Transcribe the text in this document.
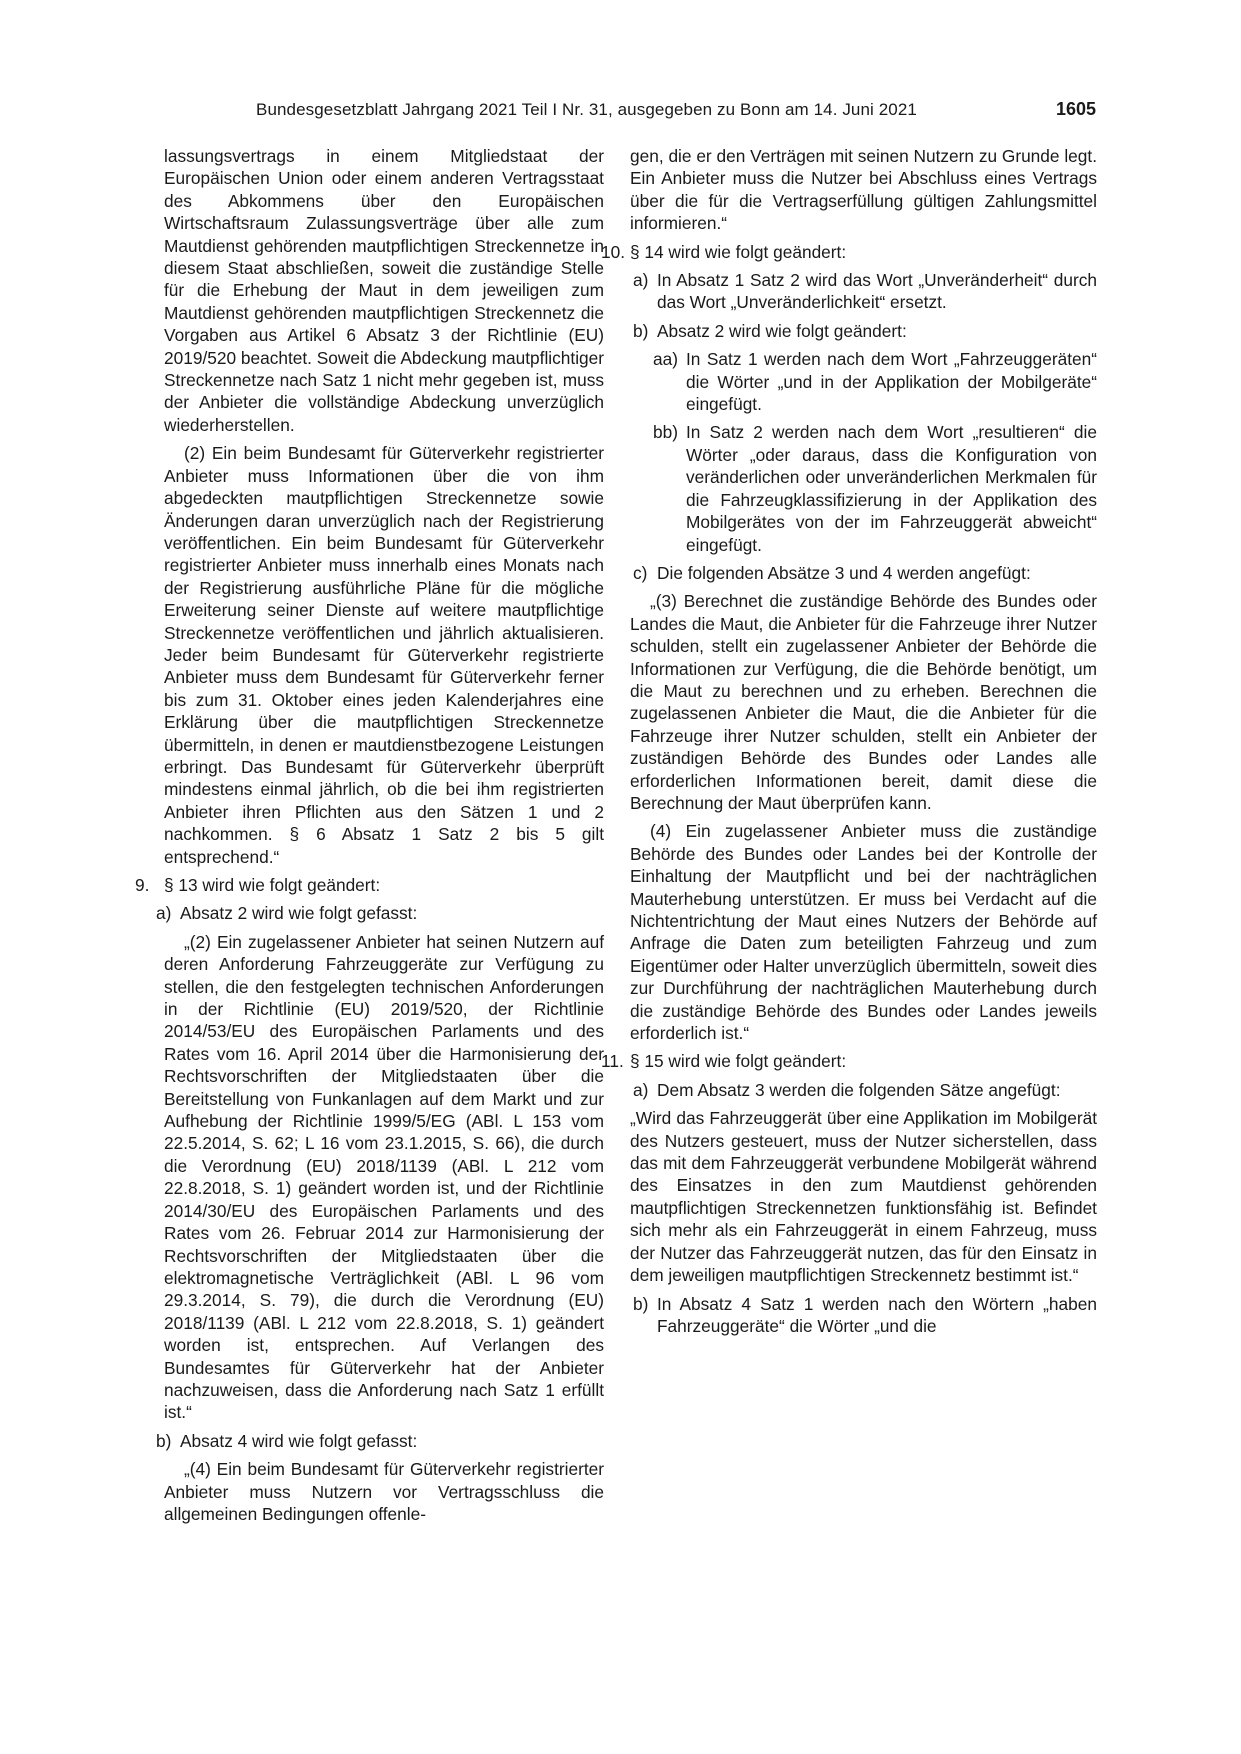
Bundesgesetzblatt Jahrgang 2021 Teil I Nr. 31, ausgegeben zu Bonn am 14. Juni 2021	1605

lassungsvertrags in einem Mitgliedstaat der Europäischen Union oder einem anderen Vertragsstaat des Abkommens über den Europäischen Wirtschaftsraum Zulassungsverträge über alle zum Mautdienst gehörenden mautpflichtigen Streckennetze in diesem Staat abschließen, soweit die zuständige Stelle für die Erhebung der Maut in dem jeweiligen zum Mautdienst gehörenden mautpflichtigen Streckennetz die Vorgaben aus Artikel 6 Absatz 3 der Richtlinie (EU) 2019/520 beachtet. Soweit die Abdeckung mautpflichtiger Streckennetze nach Satz 1 nicht mehr gegeben ist, muss der Anbieter die vollständige Abdeckung unverzüglich wiederherstellen.

(2) Ein beim Bundesamt für Güterverkehr registrierter Anbieter muss Informationen über die von ihm abgedeckten mautpflichtigen Streckennetze sowie Änderungen daran unverzüglich nach der Registrierung veröffentlichen. Ein beim Bundesamt für Güterverkehr registrierter Anbieter muss innerhalb eines Monats nach der Registrierung ausführliche Pläne für die mögliche Erweiterung seiner Dienste auf weitere mautpflichtige Streckennetze veröffentlichen und jährlich aktualisieren. Jeder beim Bundesamt für Güterverkehr registrierte Anbieter muss dem Bundesamt für Güterverkehr ferner bis zum 31. Oktober eines jeden Kalenderjahres eine Erklärung über die mautpflichtigen Streckennetze übermitteln, in denen er mautdienstbezogene Leistungen erbringt. Das Bundesamt für Güterverkehr überprüft mindestens einmal jährlich, ob die bei ihm registrierten Anbieter ihren Pflichten aus den Sätzen 1 und 2 nachkommen. § 6 Absatz 1 Satz 2 bis 5 gilt entsprechend.“

9. § 13 wird wie folgt geändert:
a) Absatz 2 wird wie folgt gefasst:

„(2) Ein zugelassener Anbieter hat seinen Nutzern auf deren Anforderung Fahrzeuggeräte zur Verfügung zu stellen, die den festgelegten technischen Anforderungen in der Richtlinie (EU) 2019/520, der Richtlinie 2014/53/EU des Europäischen Parlaments und des Rates vom 16. April 2014 über die Harmonisierung der Rechtsvorschriften der Mitgliedstaaten über die Bereitstellung von Funkanlagen auf dem Markt und zur Aufhebung der Richtlinie 1999/5/EG (ABl. L 153 vom 22.5.2014, S. 62; L 16 vom 23.1.2015, S. 66), die durch die Verordnung (EU) 2018/1139 (ABl. L 212 vom 22.8.2018, S. 1) geändert worden ist, und der Richtlinie 2014/30/EU des Europäischen Parlaments und des Rates vom 26. Februar 2014 zur Harmonisierung der Rechtsvorschriften der Mitgliedstaaten über die elektromagnetische Verträglichkeit (ABl. L 96 vom 29.3.2014, S. 79), die durch die Verordnung (EU) 2018/1139 (ABl. L 212 vom 22.8.2018, S. 1) geändert worden ist, entsprechen. Auf Verlangen des Bundesamtes für Güterverkehr hat der Anbieter nachzuweisen, dass die Anforderung nach Satz 1 erfüllt ist.“

b) Absatz 4 wird wie folgt gefasst:

„(4) Ein beim Bundesamt für Güterverkehr registrierter Anbieter muss Nutzern vor Vertragsschluss die allgemeinen Bedingungen offenle-

gen, die er den Verträgen mit seinen Nutzern zu Grunde legt. Ein Anbieter muss die Nutzer bei Abschluss eines Vertrags über die für die Vertragserfüllung gültigen Zahlungsmittel informieren.“

10. § 14 wird wie folgt geändert:
a) In Absatz 1 Satz 2 wird das Wort „Unveränderheit“ durch das Wort „Unveränderlichkeit“ ersetzt.
b) Absatz 2 wird wie folgt geändert:
aa) In Satz 1 werden nach dem Wort „Fahrzeuggeräten“ die Wörter „und in der Applikation der Mobilgeräte“ eingefügt.
bb) In Satz 2 werden nach dem Wort „resultieren“ die Wörter „oder daraus, dass die Konfiguration von veränderlichen oder unveränderlichen Merkmalen für die Fahrzeugklassifizierung in der Applikation des Mobilgerätes von der im Fahrzeuggerät abweicht“ eingefügt.
c) Die folgenden Absätze 3 und 4 werden angefügt:

„(3) Berechnet die zuständige Behörde des Bundes oder Landes die Maut, die Anbieter für die Fahrzeuge ihrer Nutzer schulden, stellt ein zugelassener Anbieter der Behörde die Informationen zur Verfügung, die die Behörde benötigt, um die Maut zu berechnen und zu erheben. Berechnen die zugelassenen Anbieter die Maut, die die Anbieter für die Fahrzeuge ihrer Nutzer schulden, stellt ein Anbieter der zuständigen Behörde des Bundes oder Landes alle erforderlichen Informationen bereit, damit diese die Berechnung der Maut überprüfen kann.

(4) Ein zugelassener Anbieter muss die zuständige Behörde des Bundes oder Landes bei der Kontrolle der Einhaltung der Mautpflicht und bei der nachträglichen Mauterhebung unterstützen. Er muss bei Verdacht auf die Nichtentrichtung der Maut eines Nutzers der Behörde auf Anfrage die Daten zum beteiligten Fahrzeug und zum Eigentümer oder Halter unverzüglich übermitteln, soweit dies zur Durchführung der nachträglichen Mauterhebung durch die zuständige Behörde des Bundes oder Landes jeweils erforderlich ist.“

11. § 15 wird wie folgt geändert:
a) Dem Absatz 3 werden die folgenden Sätze angefügt:

„Wird das Fahrzeuggerät über eine Applikation im Mobilgerät des Nutzers gesteuert, muss der Nutzer sicherstellen, dass das mit dem Fahrzeuggerät verbundene Mobilgerät während des Einsatzes in den zum Mautdienst gehörenden mautpflichtigen Streckennetzen funktionsfähig ist. Befindet sich mehr als ein Fahrzeuggerät in einem Fahrzeug, muss der Nutzer das Fahrzeuggerät nutzen, das für den Einsatz in dem jeweiligen mautpflichtigen Streckennetz bestimmt ist.“

b) In Absatz 4 Satz 1 werden nach den Wörtern „haben Fahrzeuggeräte“ die Wörter „und die
